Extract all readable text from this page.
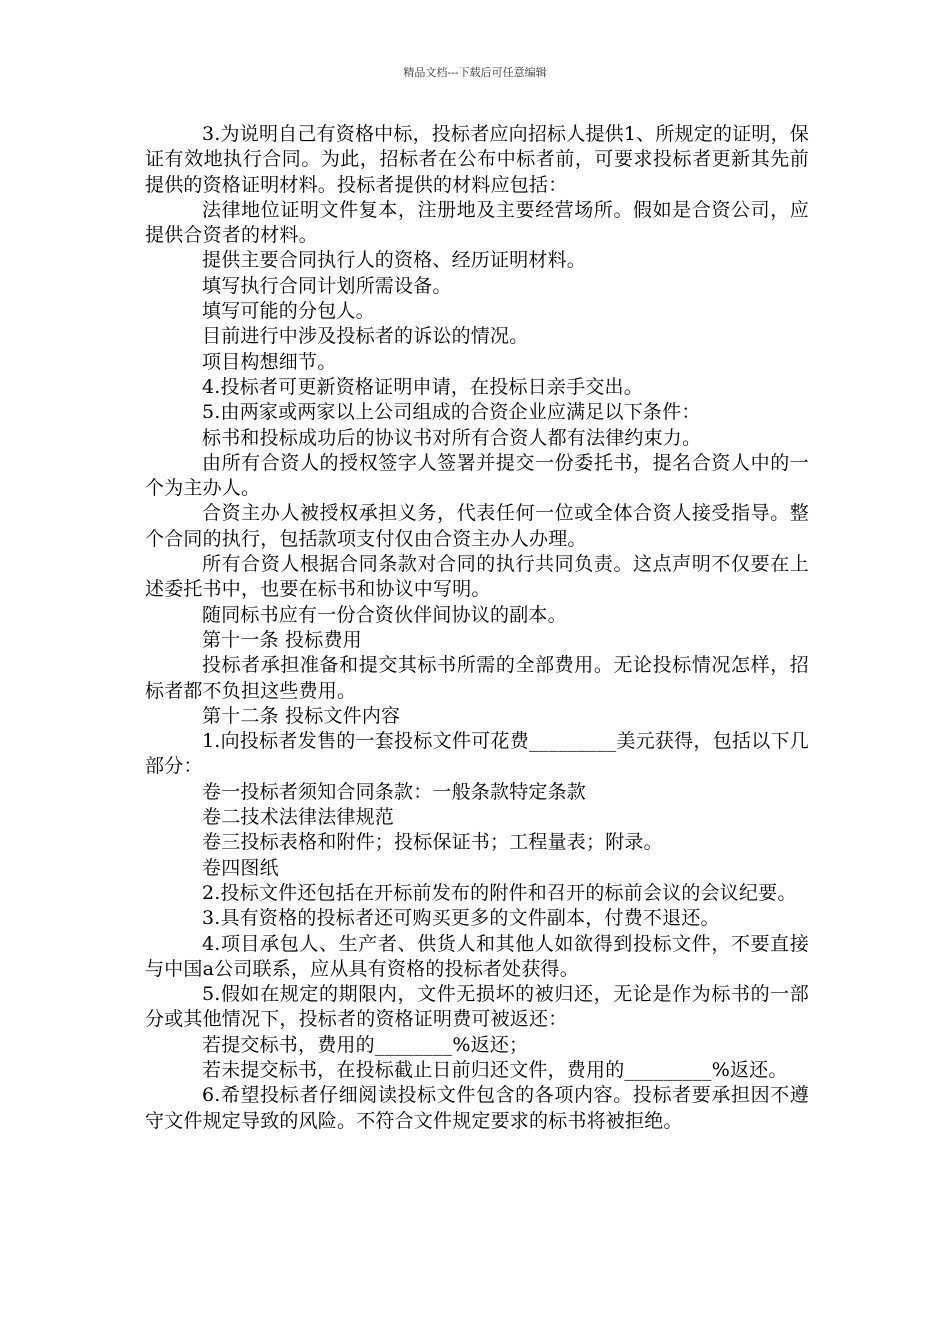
精品文档---下载后可任意编辑

3.为说明自己有资格中标，投标者应向招标人提供1、所规定的证明，保证有效地执行合同。为此，招标者在公布中标者前，可要求投标者更新其先前提供的资格证明材料。投标者提供的材料应包括：

法律地位证明文件复本，注册地及主要经营场所。假如是合资公司，应提供合资者的材料。

提供主要合同执行人的资格、经历证明材料。

填写执行合同计划所需设备。

填写可能的分包人。

目前进行中涉及投标者的诉讼的情况。

项目构想细节。

4.投标者可更新资格证明申请，在投标日亲手交出。

5.由两家或两家以上公司组成的合资企业应满足以下条件：

标书和投标成功后的协议书对所有合资人都有法律约束力。

由所有合资人的授权签字人签署并提交一份委托书，提名合资人中的一个为主办人。

合资主办人被授权承担义务，代表任何一位或全体合资人接受指导。整个合同的执行，包括款项支付仅由合资主办人办理。

所有合资人根据合同条款对合同的执行共同负责。这点声明不仅要在上述委托书中，也要在标书和协议中写明。

随同标书应有一份合资伙伴间协议的副本。

第十一条 投标费用

投标者承担准备和提交其标书所需的全部费用。无论投标情况怎样，招标者都不负担这些费用。

第十二条 投标文件内容

1.向投标者发售的一套投标文件可花费_________美元获得，包括以下几部分：

卷一投标者须知合同条款：一般条款特定条款

卷二技术法律法律规范

卷三投标表格和附件；投标保证书；工程量表；附录。

卷四图纸

2.投标文件还包括在开标前发布的附件和召开的标前会议的会议纪要。

3.具有资格的投标者还可购买更多的文件副本，付费不退还。

4.项目承包人、生产者、供货人和其他人如欲得到投标文件，不要直接与中国a公司联系，应从具有资格的投标者处获得。

5.假如在规定的期限内，文件无损坏的被归还，无论是作为标书的一部分或其他情况下，投标者的资格证明费可被返还：

若提交标书，费用的________%返还；

若未提交标书，在投标截止日前归还文件，费用的_________%返还。

6.希望投标者仔细阅读投标文件包含的各项内容。投标者要承担因不遵守文件规定导致的风险。不符合文件规定要求的标书将被拒绝。
